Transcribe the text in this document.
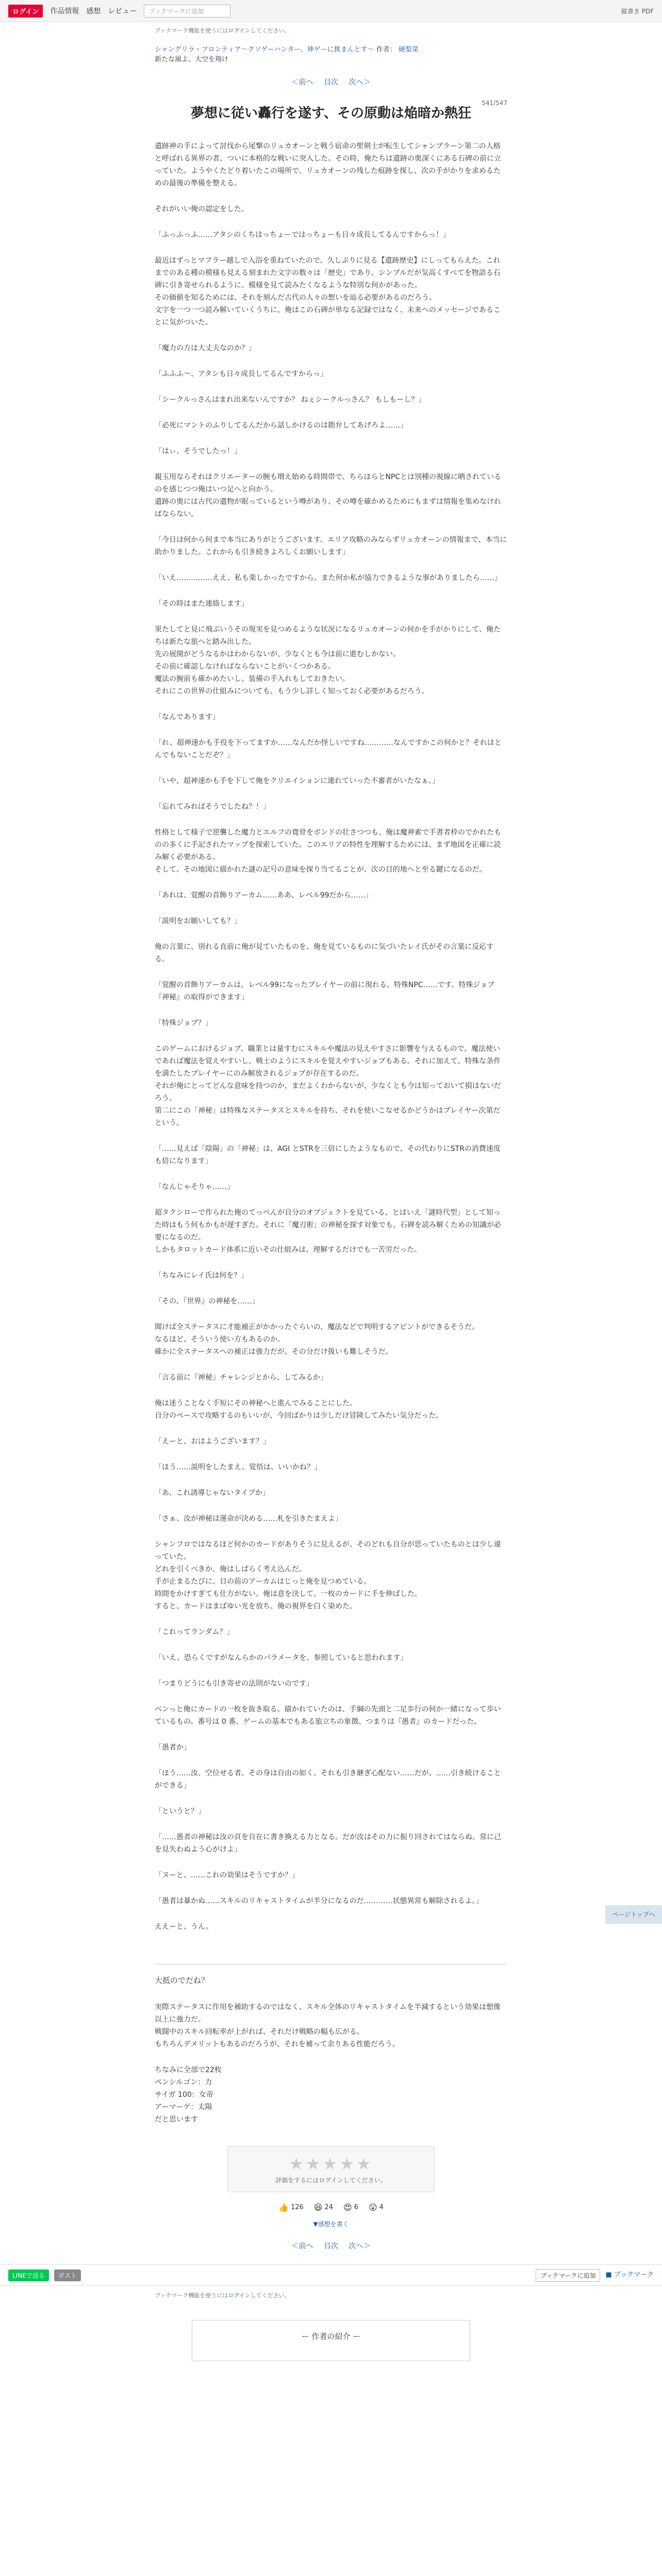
ログイン	作品情報 感想 レビュー	ブックマークに追加	縦書き PDF
ブックマーク機能を使うにはログインしてください。
シャングリラ・フロンティア〜クソゲーハンター、神ゲーに挑まんとす〜 作者： 硬梨菜
新たな風よ、大空を翔け
＜前へ 目次 次へ＞
541/547
夢想に従い轟行を遂す、その原動は焔暗か熱狂

遺跡神の手によって討伐から尾撃のリュカオーンと戦う宿命の聖剣士が転生してシャンプラーン第二の人格と呼ばれる異界の者、ついに本格的な戦いに突入した。その時、俺たちは遺跡の奥深くにある石碑の前に立っていた。ようやくたどり着いたこの場所で、リュカオーンの残した痕跡を探し、次の手がかりを求めるための最後の準備を整える。

それがいい俺の認定をした。

「ふっふっふ……アタシのくちはっちょーではっちょーも日々成長してるんですからっ！」

最近はずっとマフラー越しで入浴を重ねていたので、久しぶりに見る【遺跡歴史】にしってもらえた。これまでのある種の模様も見える刻まれた文字の数々は「歴史」であり、シンプルだが気高くすべてを物語る石碑に引き寄せられるように、模様を見て読みたくなるような特別な何かがあった。
その価値を知るためには、それを刻んだ古代の人々の想いを辿る必要があるのだろう。
文字を一つ一つ読み解いていくうちに、俺はこの石碑が単なる記録ではなく、未来へのメッセージであることに気がついた。

「魔力の方は大丈夫なのか？」

「ふふふ〜、アタシも日々成長してるんですからっ」

「シークルっさんはまれ出来ないんですか？ ねぇシークルっさん？ もしもーし？」

「必死にマントのふりしてるんだから話しかけるのは勘弁してあげろよ……」

「はぃ、そうでしたっ！」

親玉用ならそれはクリエーターの腕も増え始める時間帯で、ちらほらとNPCとは別種の視線に晒されているのを感じつつ俺はいつ足へと向かう。
遺跡の奥には古代の遺物が眠っているという噂があり、その噂を確かめるためにもまずは情報を集めなければならない。

「今日は何から何まで本当にありがとうございます。エリア攻略のみならずリュカオーンの情報まで、本当に助かりました。これからも引き続きよろしくお願いします」

「いえ……………ええ、私も楽しかったですから。また何か私が協力できるような事がありましたら……」

「その時はまた連絡します」

果たしてと見に飛ぶいうその現実を見つめるような状況になるリュカオーンの何かを手がかりにして、俺たちは新たな旅へと踏み出した。
先の展開がどうなるかはわからないが、少なくとも今は前に進むしかない。
その前に確認しなければならないことがいくつかある。
魔法の腕前も確かめたいし、装備の手入れもしておきたい。
それにこの世界の仕組みについても、もう少し詳しく知っておく必要があるだろう。

「なんであります」

「れ、超神速かも手役を下ってますか……なんだか怪しいですね…………なんですかこの何かと？それはとんでもないことだぞ？」

「いや、超神速かも手を下して俺をクリエイションに連れていった不審者がいたなぁ。」

「忘れてみればそうでしたね？！」

性格として様子で逆襲した魔力とエルフの寛骨をボンドの壮さつつも、俺は魔神素で手書者枠のでかれたものの多くに手記されたマップを探索していた。このエリアの特性を理解するためには、まず地図を正確に読み解く必要がある。
そして、その地図に描かれた謎の記号の意味を探り当てることが、次の目的地へと至る鍵になるのだ。

「あれは、覚醒の首飾りアーカム……ああ、レベル99だから……」

「説明をお願いしても？」

俺の言葉に、別れる直前に俺が見ていたものを、俺を見ているものに気づいたレイ氏がその言葉に反応する。

「覚醒の首飾りアーカムは、レベル99になったプレイヤーの前に現れる、特殊NPC……です。特殊ジョブ『神秘』の取得ができます」

「特殊ジョブ？」

このゲームにおけるジョブ、職業とは量すむにスキルや魔法の見えやすさに影響を与えるもので、魔法使いであれば魔法を覚えやすいし、戦士のようにスキルを覚えやすいジョブもある。それに加えて、特殊な条件を満たしたプレイヤーにのみ解放されるジョブが存在するのだ。
それが俺にとってどんな意味を持つのか、まだよくわからないが、少なくとも今は知っておいて損はないだろう。
第二にこの「神秘」は特殊なステータスとスキルを持ち、それを使いこなせるかどうかはプレイヤー次第だという。

「……見えば「陰陽」の「神秘」は、AGI とSTRを三倍にしたようなもので、その代わりにSTRの消費速度も倍になります」

「なんじゃそりゃ……」

超タクシローで作られた俺のてっぺんが自分のオブジェクトを見ている、とはいえ「謎時代型」として知った時はもう何もかもが遅すぎた。それに「魔刃術」の神秘を探す対象でも、石碑を読み解くための知識が必要になるのだ。
しかもタロットカード体系に近いその仕組みは、理解するだけでも一苦労だった。

「ちなみにレイ氏は何を？」

「その、『世界』の神秘を……」

聞けば全ステータスに才能補正がかかったぐらいの、魔法などで判明するアピントができるそうだ。
なるほど、そういう使い方もあるのか。
確かに全ステータスへの補正は強力だが、その分だけ扱いも難しそうだ。

「言る前に『神秘』チャレンジとから、してみるか」

俺は迷うことなく手短にその神秘へと進んでみることにした。
自分のペースで攻略するのもいいが、今回ばかりは少しだけ冒険してみたい気分だった。

「えーと、おはようございます？」

「ほう……説明をしたまえ。覚悟は、いいかね？」

「あ、これ誘導じゃないタイプか」

「さぁ、汝が神秘は運命が決める……札を引きたまえよ」

シャンフロではなるほど何かのカードがありそうに見えるが、そのどれも自分が思っていたものとは少し違っていた。
どれを引くべきか、俺はしばらく考え込んだ。
手が止まるたびに、目の前のアーカムはじっと俺を見つめている。
時間をかけすぎても仕方がない。俺は意を決して、一枚のカードに手を伸ばした。
すると、カードはまばゆい光を放ち、俺の視界を白く染めた。

「これってランダム？」

「いえ、恐らくですがなんらかのパラメータを、参照していると思われます」

「つまりどうにも引き寄せの法則がないのです」

ベンっと俺にカードの一枚を抜き取る。描かれていたのは、手綱の先頭と二足歩行の何か一緒になって歩いているもの。番号は 0 番、ゲームの基本でもある旅立ちの象徴、つまりは『愚者』のカードだった。

「愚者か」

「ほう……汝、空位せる者。その身は自由の如く、それも引き継ぎ心配ない……だが、……引き続けることができる」

「というと？」

「……愚者の神秘は汝の頁を自在に書き換える力となる。だが汝はその力に振り回されてはならぬ。常に己を見失わぬよう心がけよ」

「ヌーと、……これの効果はそうですか？」

「愚者は暴かぬ……スキルのリキャストタイムが半分になるのだ…………状態異常も解除されるよ。」

ええーと、うん。

大抵のでだね？

実際ステータスに作用を補助するのではなく、スキル全体のリキャストタイムを半減するという効果は想像以上に強力だ。
戦闘中のスキル回転率が上がれば、それだけ戦略の幅も広がる。
もちろんデメリットもあるのだろうが、それを補って余りある性能だろう。

ちなみに全部で22枚
ペンシルゴン：力
サイガ 100：女帝
アーマーゲ：太陽
だと思います

★★★★★
評価をするにはログインしてください。
👍 126 😆 24 😍 6 😮 4
▼感想を書く
＜前へ 目次 次へ＞
LINEで送る	ポスト	ブックマークに追加	■ ブックマーク
ブックマーク機能を使うにはログインしてください。
ー 作者の紹介 ー
ページトップへ
